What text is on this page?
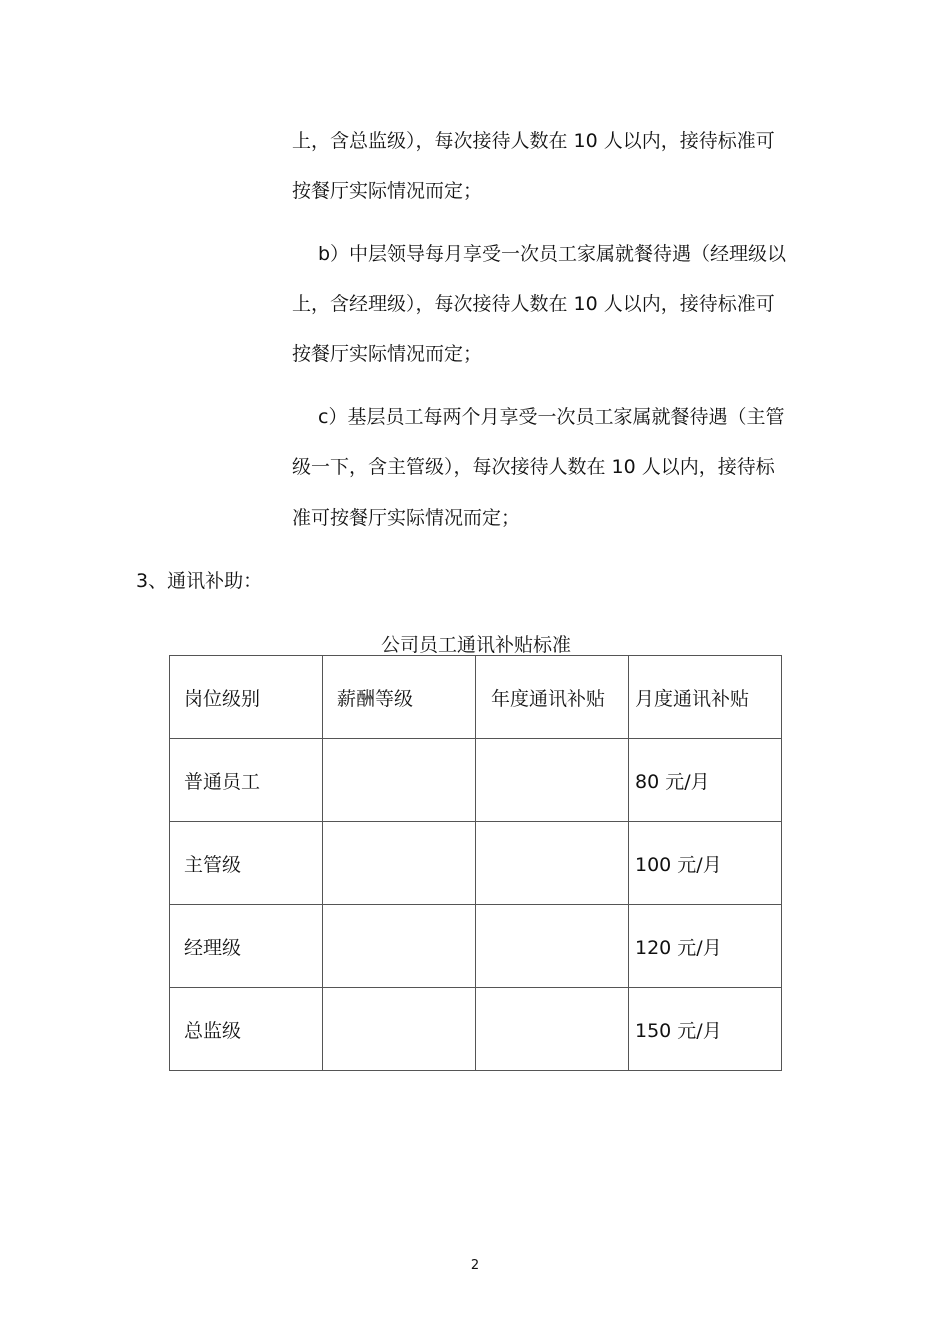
上，含总监级），每次接待人数在 10 人以内，接待标准可
按餐厅实际情况而定；
b）中层领导每月享受一次员工家属就餐待遇（经理级以
上，含经理级），每次接待人数在 10 人以内，接待标准可
按餐厅实际情况而定；
c）基层员工每两个月享受一次员工家属就餐待遇（主管
级一下，含主管级），每次接待人数在 10 人以内，接待标
准可按餐厅实际情况而定；
3、通讯补助：
公司员工通讯补贴标准
岗位级别	薪酬等级	年度通讯补贴	月度通讯补贴
普通员工			80 元/月
主管级			100 元/月
经理级			120 元/月
总监级			150 元/月
2
